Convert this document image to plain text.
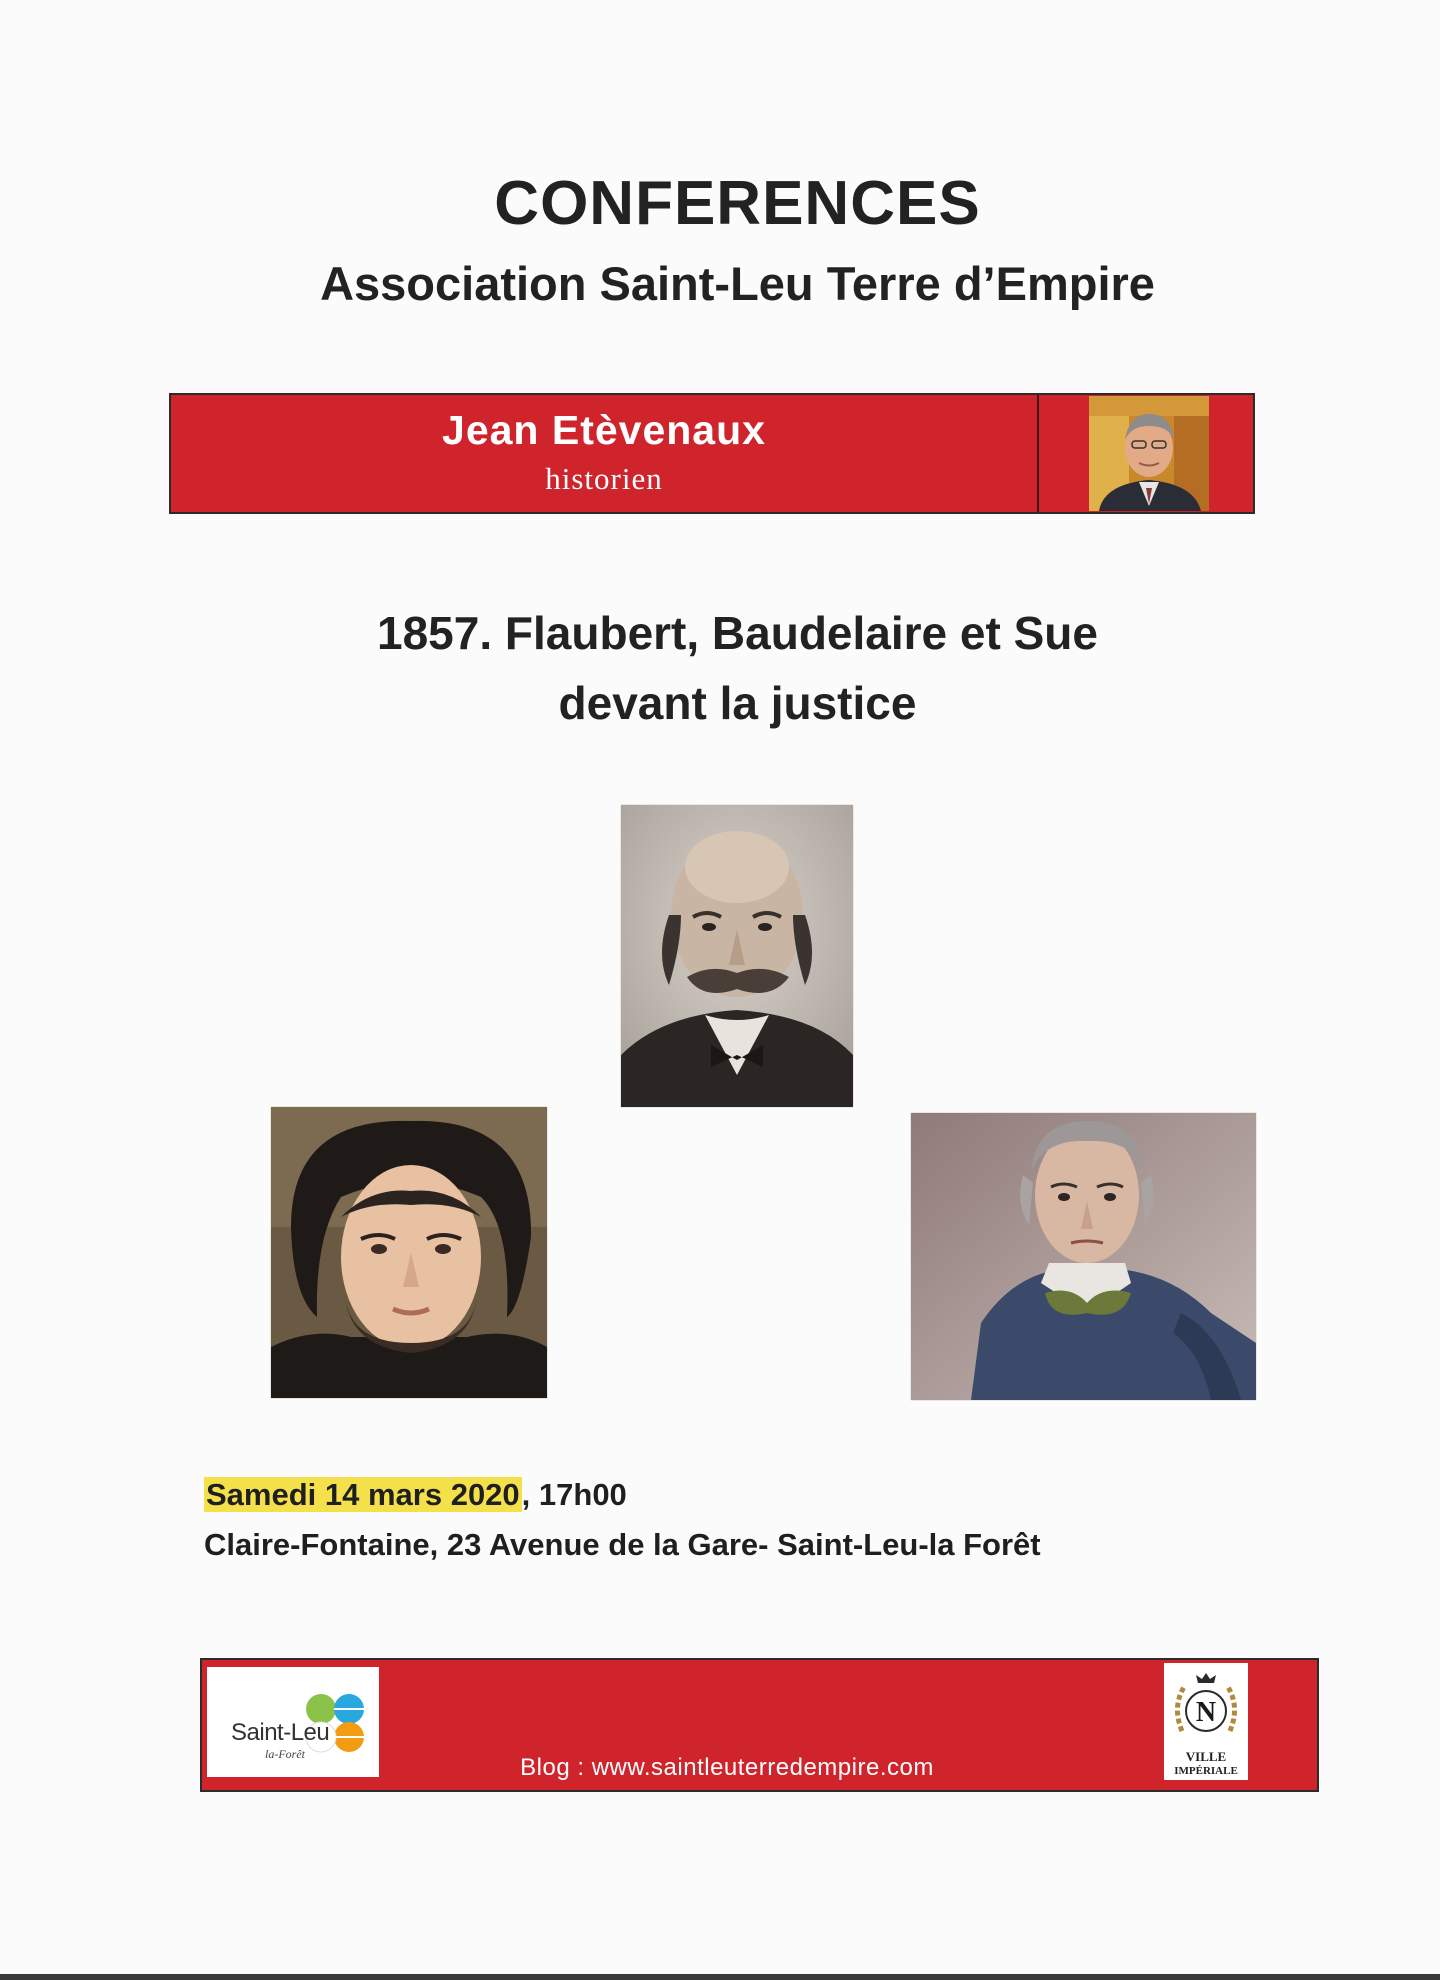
CONFERENCES
Association Saint-Leu Terre d’Empire
Jean Etèvenaux
historien
1857. Flaubert, Baudelaire et Sue
devant la justice
Samedi 14 mars 2020, 17h00
Claire-Fontaine, 23 Avenue de la Gare- Saint-Leu-la Forêt
Saint-Leu
la-Forêt	Blog : www.saintleuterredempire.com
N
VILLE
IMPÉRIALE
